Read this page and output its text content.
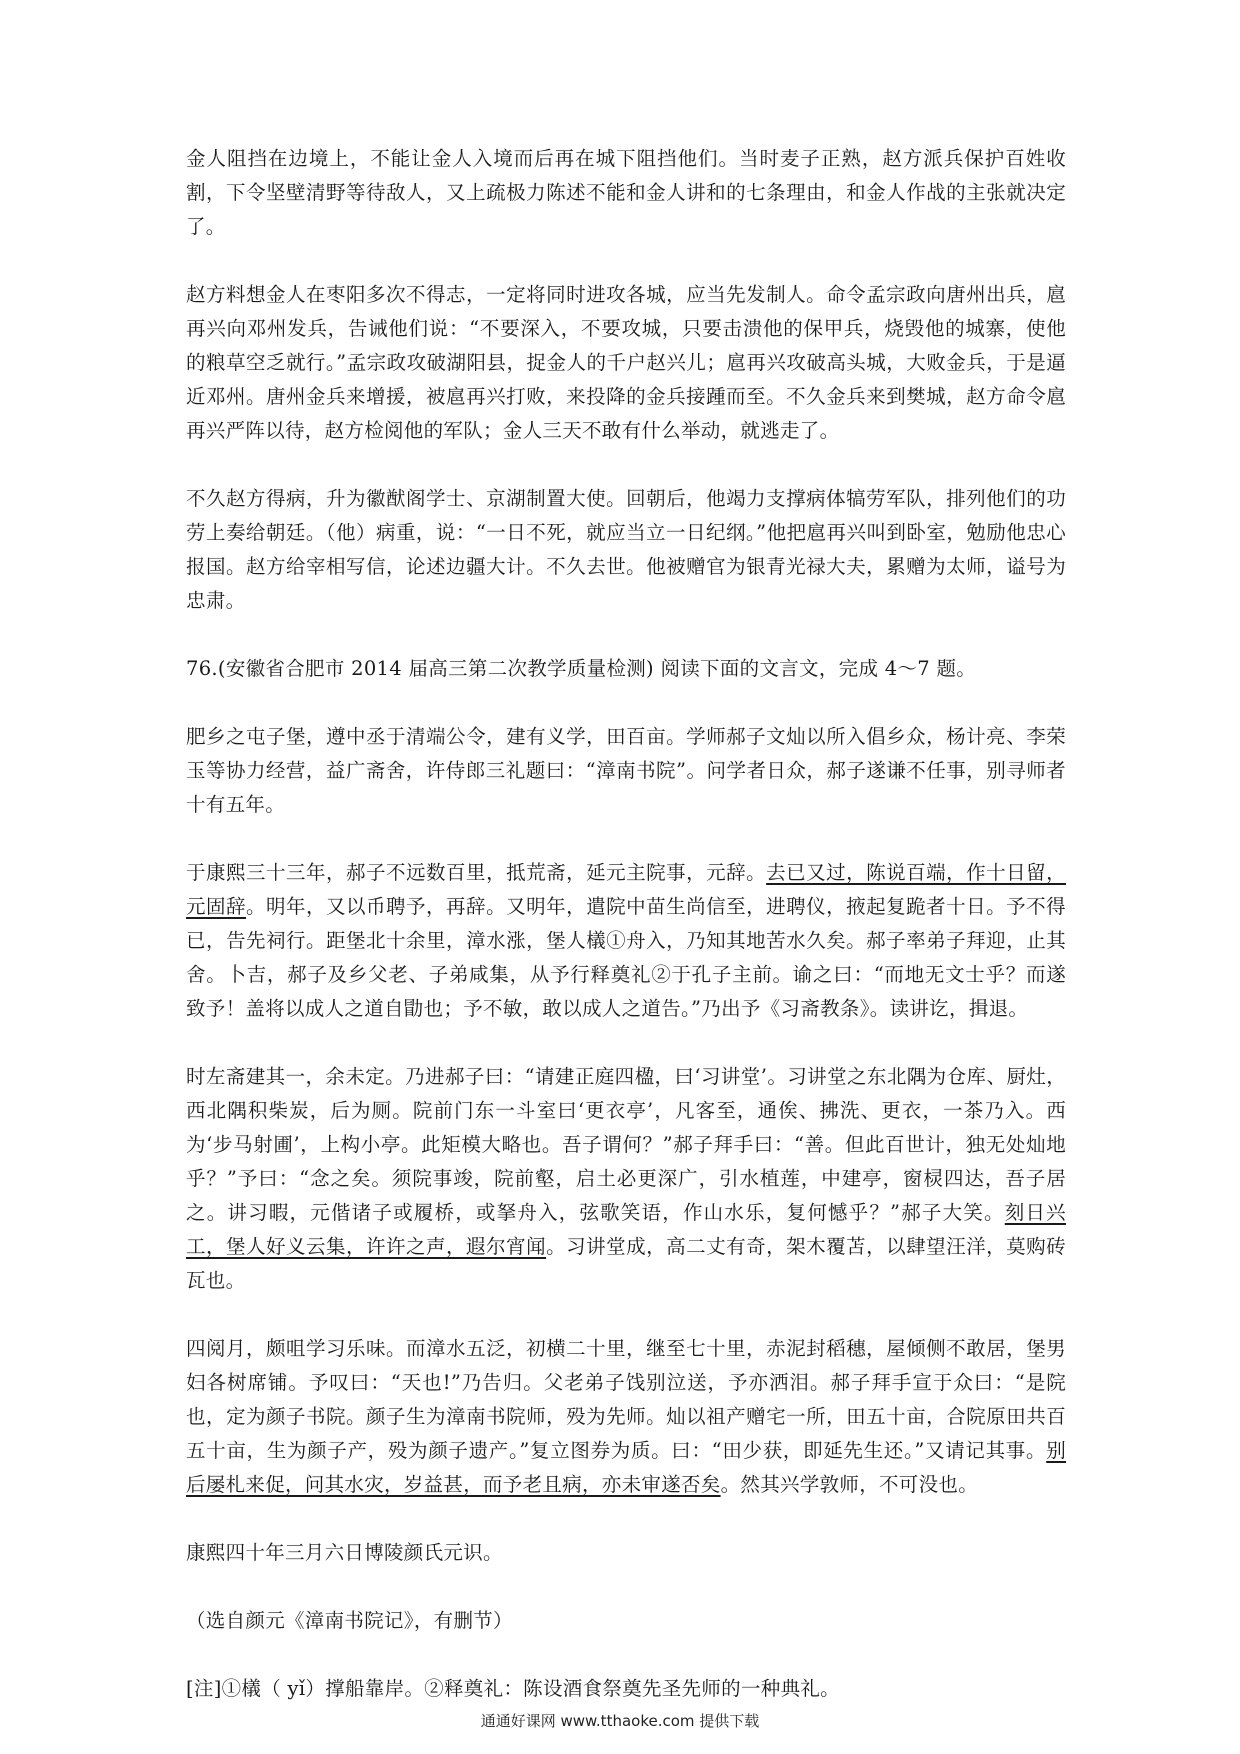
金人阻挡在边境上，不能让金人入境而后再在城下阻挡他们。当时麦子正熟，赵方派兵保护百姓收割，下令坚壁清野等待敌人，又上疏极力陈述不能和金人讲和的七条理由，和金人作战的主张就决定了。

赵方料想金人在枣阳多次不得志，一定将同时进攻各城，应当先发制人。命令孟宗政向唐州出兵，扈再兴向邓州发兵，告诫他们说：“不要深入，不要攻城，只要击溃他的保甲兵，烧毁他的城寨，使他的粮草空乏就行。”孟宗政攻破湖阳县，捉金人的千户赵兴儿；扈再兴攻破高头城，大败金兵，于是逼近邓州。唐州金兵来增援，被扈再兴打败，来投降的金兵接踵而至。不久金兵来到樊城，赵方命令扈再兴严阵以待，赵方检阅他的军队；金人三天不敢有什么举动，就逃走了。

不久赵方得病，升为徽猷阁学士、京湖制置大使。回朝后，他竭力支撑病体犒劳军队，排列他们的功劳上奏给朝廷。（他）病重，说：“一日不死，就应当立一日纪纲。”他把扈再兴叫到卧室，勉励他忠心报国。赵方给宰相写信，论述边疆大计。不久去世。他被赠官为银青光禄大夫，累赠为太师，谥号为忠肃。

76.(安徽省合肥市 2014 届高三第二次教学质量检测) 阅读下面的文言文，完成 4～7 题。

肥乡之屯子堡，遵中丞于清端公令，建有义学，田百亩。学师郝子文灿以所入倡乡众，杨计亮、李荣玉等协力经营，益广斋舍，许侍郎三礼题曰：“漳南书院”。问学者日众，郝子遂谦不任事，别寻师者十有五年。

于康熙三十三年，郝子不远数百里，抵荒斋，延元主院事，元辞。去已又过，陈说百端，作十日留，元固辞。明年，又以币聘予，再辞。又明年，遣院中苗生尚信至，进聘仪，掖起复跪者十日。予不得已，告先祠行。距堡北十余里，漳水涨，堡人檥①舟入，乃知其地苦水久矣。郝子率弟子拜迎，止其舍。卜吉，郝子及乡父老、子弟咸集，从予行释奠礼②于孔子主前。谕之曰：“而地无文士乎？而遂致予！盖将以成人之道自勖也；予不敏，敢以成人之道告。”乃出予《习斋教条》。读讲讫，揖退。

时左斋建其一，余未定。乃进郝子曰：“请建正庭四楹，曰‘习讲堂’。习讲堂之东北隅为仓库、厨灶，西北隅积柴炭，后为厕。院前门东一斗室曰‘更衣亭’，凡客至，通俟、拂洗、更衣，一茶乃入。西为‘步马射圃’，上构小亭。此矩模大略也。吾子谓何？”郝子拜手曰：“善。但此百世计，独无处灿地乎？”予曰：“念之矣。须院事竣，院前壑，启土必更深广，引水植莲，中建亭，窗棂四达，吾子居之。讲习暇，元偕诸子或履桥，或拏舟入，弦歌笑语，作山水乐，复何憾乎？”郝子大笑。刻日兴工，堡人好义云集，许许之声，遐尔宵闻。习讲堂成，高二丈有奇，架木覆苫，以肆望汪洋，莫购砖瓦也。

四阅月，颇咀学习乐味。而漳水五泛，初横二十里，继至七十里，赤泥封稻穗，屋倾侧不敢居，堡男妇各树席铺。予叹曰：“天也!”乃告归。父老弟子饯别泣送，予亦洒泪。郝子拜手宣于众曰：“是院也，定为颜子书院。颜子生为漳南书院师，殁为先师。灿以祖产赠宅一所，田五十亩，合院原田共百五十亩，生为颜子产，殁为颜子遗产。”复立图券为质。曰：“田少获，即延先生还。”又请记其事。别后屡札来促，问其水灾，岁益甚，而予老且病，亦未审遂否矣。然其兴学敦师，不可没也。

康熙四十年三月六日博陵颜氏元识。

（选自颜元《漳南书院记》，有删节）

[注]①檥（ yǐ）撑船靠岸。②释奠礼：陈设酒食祭奠先圣先师的一种典礼。

通通好课网 www.tthaoke.com 提供下载
